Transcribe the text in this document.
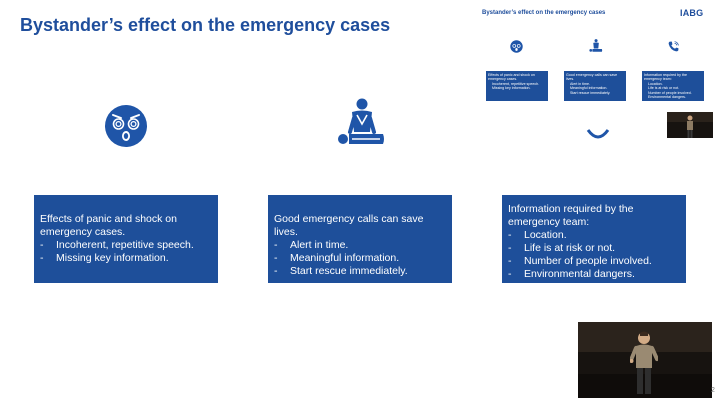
Bystander’s effect on the emergency cases
Effects of panic and shock on emergency cases.
-	Incoherent, repetitive speech.
-	Missing key information.
Good emergency calls can save lives.
-	Alert in time.
-	Meaningful information.
-	Start rescue immediately.
Information required by the emergency team:
-	Location.
-	Life is at risk or not.
-	Number of people involved.
-	Environmental dangers.
Bystander’s effect on the emergency cases	IABG
Effects of panic and shock on emergency cases.
Incoherent, repetitive speech.
Missing key information.
Good emergency calls can save lives.
Alert in time.
Meaningful information.
Start rescue immediately.
Information required by the emergency team:
Location.
Life is at risk or not.
Number of people involved.
Environmental dangers.
2
